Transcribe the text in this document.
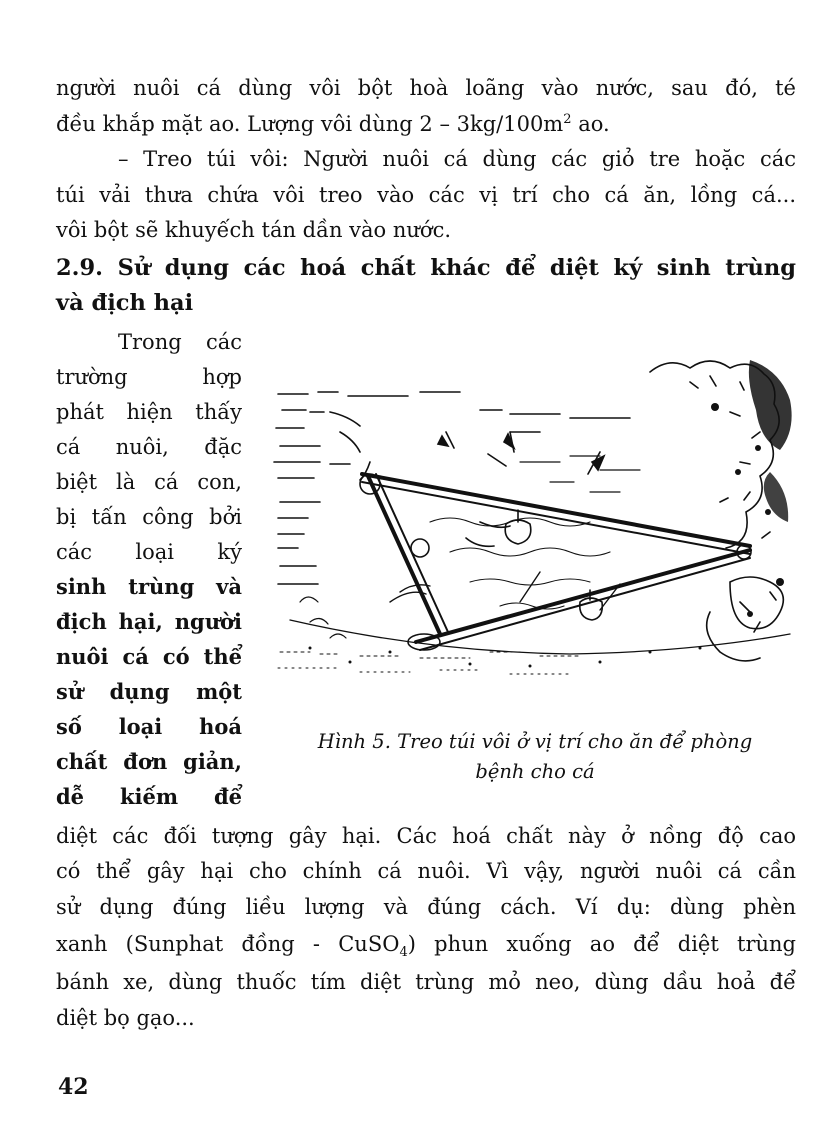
người nuôi cá dùng vôi bột hoà loãng vào nước, sau đó, té
đều khắp mặt ao. Lượng vôi dùng $2 - 3kg/100m^2$ ao.
– Treo túi vôi: Người nuôi cá dùng các giỏ tre hoặc các
túi vải thưa chứa vôi treo vào các vị trí cho cá ăn, lồng cá...
vôi bột sẽ khuyếch tán dần vào nước.
2.9. Sử dụng các hoá chất khác để diệt ký sinh trùng
và địch hại
Trong các
trường hợp
phát hiện thấy
cá nuôi, đặc
biệt là cá con,
bị tấn công bởi
các loại ký
sinh trùng và
địch hại, người
nuôi cá có thể
sử dụng một
số loại hoá
chất đơn giản,
dễ kiếm để
Hình 5. Treo túi vôi ở vị trí cho ăn để phòng
bệnh cho cá
diệt các đối tượng gây hại. Các hoá chất này ở nồng độ cao
có thể gây hại cho chính cá nuôi. Vì vậy, người nuôi cá cần
sử dụng đúng liều lượng và đúng cách. Ví dụ: dùng phèn
xanh (Sunphat đồng - CuSO$_4$) phun xuống ao để diệt trùng
bánh xe, dùng thuốc tím diệt trùng mỏ neo, dùng dầu hoả để
diệt bọ gạo...
42
